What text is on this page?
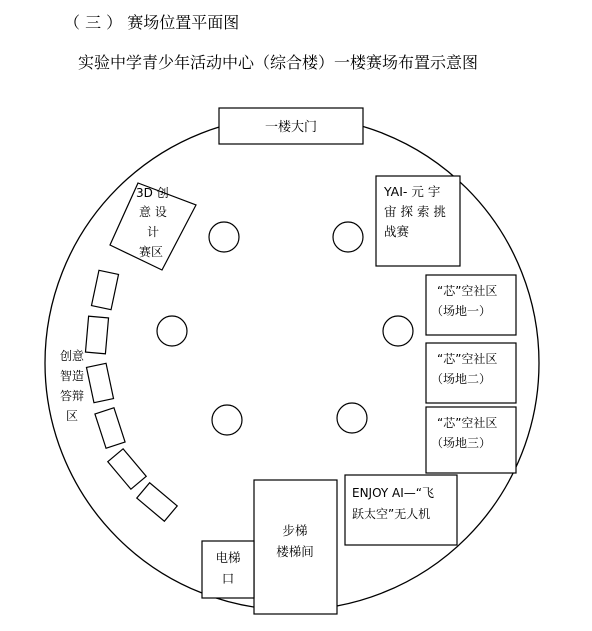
（ 三 ） 赛场位置平面图
实验中学青少年活动中心（综合楼）一楼赛场布置示意图
一楼大门
3D 创
意 设
计
赛区
YAI- 元 宇
宙 探 索 挑
战赛
“芯”空社区
（场地一）
“芯”空社区
（场地二）
“芯”空社区
（场地三）
创意
智造
答辩
区
ENJOY AI—“飞
跃太空”无人机
步梯
楼梯间
电梯
口
